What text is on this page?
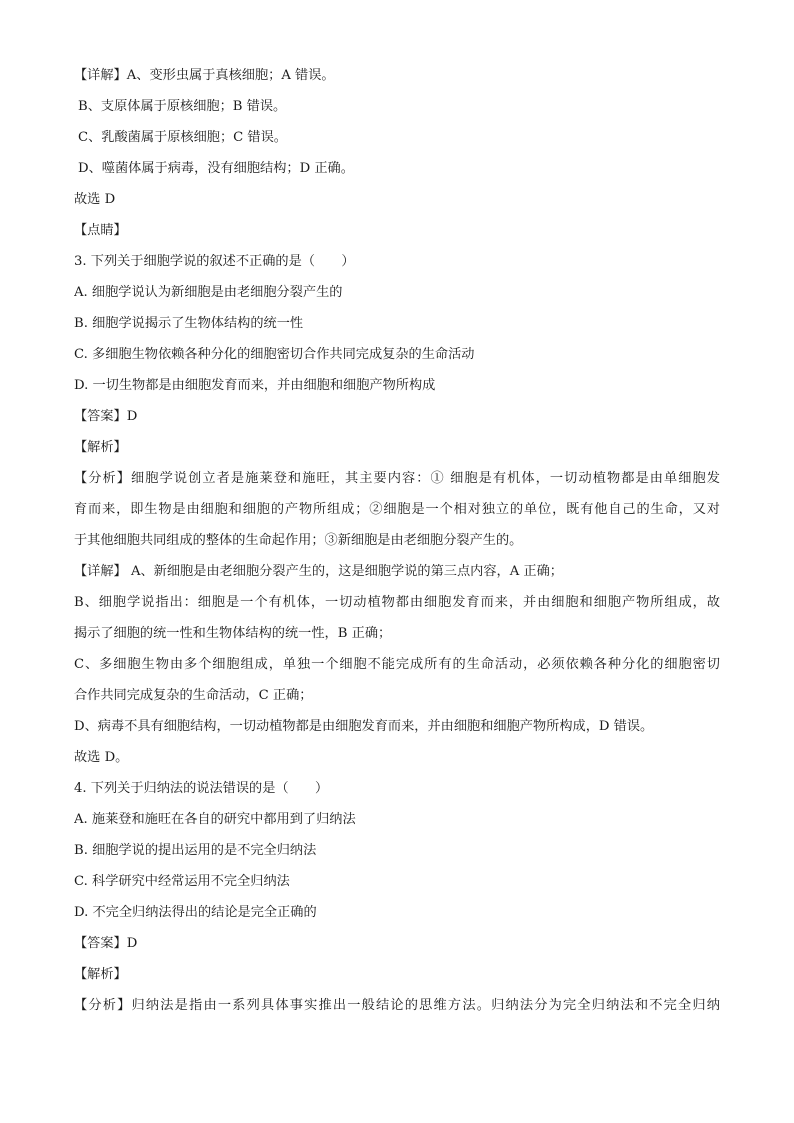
【详解】A、变形虫属于真核细胞；A 错误。
B、支原体属于原核细胞；B 错误。
C、乳酸菌属于原核细胞；C 错误。
D、噬菌体属于病毒，没有细胞结构；D 正确。
故选 D
【点睛】
3. 下列关于细胞学说的叙述不正确的是（　　）
A. 细胞学说认为新细胞是由老细胞分裂产生的
B. 细胞学说揭示了生物体结构的统一性
C. 多细胞生物依赖各种分化的细胞密切合作共同完成复杂的生命活动
D. 一切生物都是由细胞发育而来，并由细胞和细胞产物所构成
【答案】D
【解析】
【分析】细胞学说创立者是施莱登和施旺，其主要内容：① 细胞是有机体，一切动植物都是由单细胞发
育而来，即生物是由细胞和细胞的产物所组成；②细胞是一个相对独立的单位，既有他自己的生命，又对
于其他细胞共同组成的整体的生命起作用；③新细胞是由老细胞分裂产生的。
【详解】 A、新细胞是由老细胞分裂产生的，这是细胞学说的第三点内容，A 正确；
B、细胞学说指出：细胞是一个有机体，一切动植物都由细胞发育而来，并由细胞和细胞产物所组成，故
揭示了细胞的统一性和生物体结构的统一性，B 正确；
C、多细胞生物由多个细胞组成，单独一个细胞不能完成所有的生命活动，必须依赖各种分化的细胞密切
合作共同完成复杂的生命活动，C 正确；
D、病毒不具有细胞结构，一切动植物都是由细胞发育而来，并由细胞和细胞产物所构成，D 错误。
故选 D。
4. 下列关于归纳法的说法错误的是（　　）
A. 施莱登和施旺在各自的研究中都用到了归纳法
B. 细胞学说的提出运用的是不完全归纳法
C. 科学研究中经常运用不完全归纳法
D. 不完全归纳法得出的结论是完全正确的
【答案】D
【解析】
【分析】归纳法是指由一系列具体事实推出一般结论的思维方法。归纳法分为完全归纳法和不完全归纳
